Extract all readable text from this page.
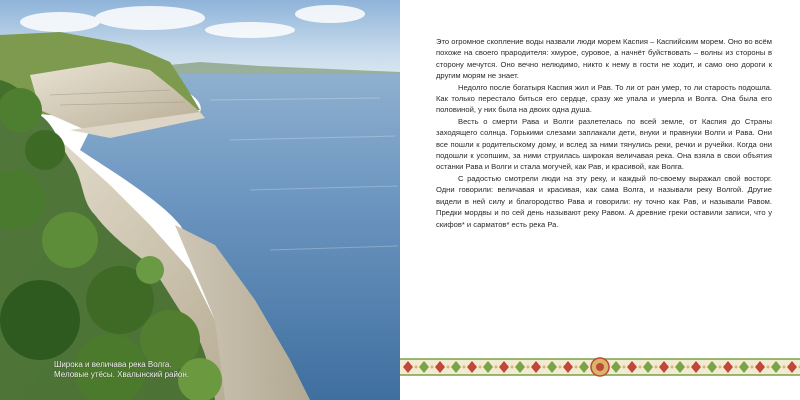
Широка и величава река Волга.
Меловые утёсы. Хвалынский район.

Это огромное скопление воды назвали люди морем Каспия – Каспийским морем. Оно во всём похоже на своего прародителя: хмурое, суровое, а начнёт буйствовать – волны из стороны в сторону мечутся. Оно вечно нелюдимо, никто к нему в гости не ходит, и само оно дороги к другим морям не знает.

Недолго после богатыря Каспия жил и Рав. То ли от ран умер, то ли старость подошла. Как только перестало биться его сердце, сразу же упала и умерла и Волга. Она была его половиной, у них была на двоих одна душа.

Весть о смерти Рава и Волги разлетелась по всей земле, от Каспия до Страны заходящего солнца. Горькими слезами заплакали дети, внуки и правнуки Волги и Рава. Они все пошли к родительскому дому, и вслед за ними тянулись реки, речки и ручейки. Когда они подошли к усопшим, за ними струилась широкая величавая река. Она взяла в свои объятия останки Рава и Волги и стала могучей, как Рав, и красивой, как Волга.

С радостью смотрели люди на эту реку, и каждый по-своему выражал свой восторг. Одни говорили: величавая и красивая, как сама Волга, и называли реку Волгой. Другие видели в ней силу и благородство Рава и говорили: ну точно как Рав, и называли Равом. Предки мордвы и по сей день называют реку Равом. А древние греки оставили записи, что у скифов* и сарматов* есть река Ра.
